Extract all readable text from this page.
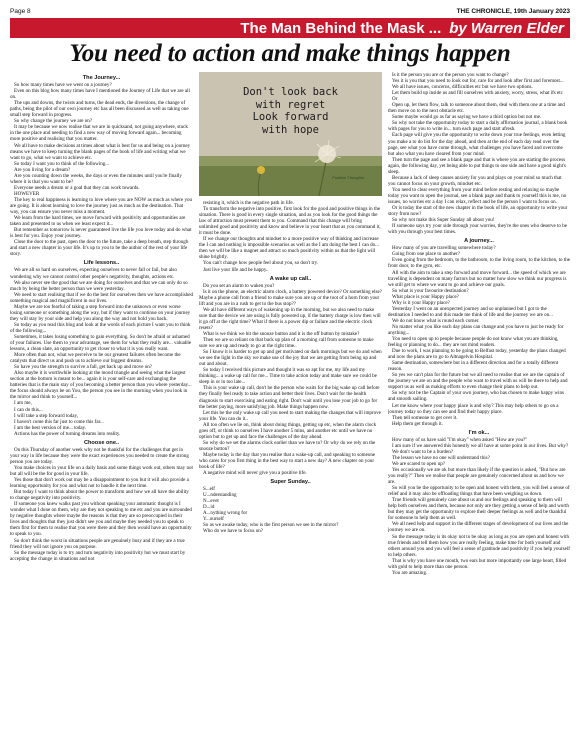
Page 8	THE CHRONICLE, 19th January 2023
The Man Behind the Mask ... by Warren Elder
You need to action and make things happen
The Journey...

So how many times have we went on a journey?

Even on this blog how many times have I mentioned the Journey of Life that we are all on.

The ups and downs, the twists and turns, the dead ends, the diversions, the change of paths, being the pilot of our own journey etc has all been discussed as well as taking one small step forward in progress.

So why change the journey we are on?

It may be because we now realise that we are in quicksand, not going anywhere, stuck in the one place and needing to find a new way of moving forward again... becoming more positive and realising that you matter.

We all have to make decisions at times about what is best for us and being on a journey means we have to keep turning the blank pages of the book of life and writing what we want to go, what we want to achieve etc.

So today I want you to think of the following...

Are you living for a dream?

Are you counting down the weeks, the days or even the minutes until you're finally where it is that you want to be?

Everyone needs a dream or a goal that they can work towards.

HOWEVER

The key to real happiness is learning to love where you are NOW as much as where you are going. It is about learning to love the journey just as much as the destination. That way, you can ensure you never miss a moment.

We learn from the hard times, we move forward with positivity and opportunities are taken and presented to us when we least expect it...

But remember as tomorrow is never guaranteed live the life you love today and do what is best for you. Enjoy your journey.

Close the door to the past, open the door to the future, take a deep breath, step through and start a new chapter in your life. It's up to you to be the author of the rest of your life story.

Life lessons..

We are all so hard on ourselves, expecting ourselves to never fall or fail, but also wondering why we cannot control other people's negativity, thoughts, actions etc.

We also never see the good that we are doing for ourselves and that we can only do so much by being the better person than we were yesterday.

We need to start realising that if we do the best for ourselves then we have accomplished something magical and magnificent in our lives.

Maybe we are too fearful of taking a step forward into the unknown or even worse losing someone or something along the way, but if they want to continue on your journey they will stay by your side and help you along the way and not hold you back.

So today as you read this blog and look at the words of each picture I want you to think of the following...

Sometimes, it takes losing something to gain everything. So don't be afraid or ashamed of your failures. Use them to your advantage, see them for what they really are... valuable lessons, a clean slate, an opportunity to get closer to what it is you really want.

More often than not, what we perceive to be our greatest failures often become the catalysts that direct us and push us to achieve our biggest dreams.

So have you the strength to survive a fall, get back up and move on?

Also maybe it is worthwhile looking at the mood triangle and seeing what the largest section at the bottom is meant to be... again it is your self-care and exchanging the batteries that is the main stay of you becoming a better person than you where yesterday... the focus should always be on You, the person you see in the morning when you look in the mirror and think to yourself...

I am me,

I can do this...

I will take a step forward today,

I haven't come this far just to come this far...

I am the best version of me... today.

Actions has the power of turning dreams into reality.

Choose one..

On this Thursday of another week why not be thankful for the challenges that get in your way in life because they were the exact experiences you needed to create the strong person you are today.

You make choices in your life on a daily basis and some things work out, others may not but all will be the for good in your life.

Yes those that don't work out may be a disappointment to you but it will also provide a learning opportunity for you and what not to handle it the next time.

But today I want to think about the power to transform and how we all have the ability to change negativity into positivity.

If someone you knew walks past you without speaking your automatic thought is I wonder what I done on them, why are they not speaking to me etc and you are surrounded by negative thoughts where maybe the reasons is that they are so preoccupied in their lives and thoughts that they just didn't see you and maybe they needed you to speak to them first for them to realise that you were there and they then would have an opportunity to speak to you.

So don't think the worst in situations people are genuinely busy and if they are a true friend they will not ignore you on purpose.

So the message today is to try and turn negativity into positivity but we must start by accepting the change in situations and not

Don't look back
with regret
Look forward
with hope
Positive Thoughts

resisting it, which is the negative path in life.

To transform the negative into positive, first look for the good and positive things in the situation. There is good in every single situation, and as you look for the good things the law of attraction must present them to you. Command that this change will bring unlimited good and positivity and know and believe in your heart that as you command it, it must be done.

If we change our thoughts and mindset to a more positive way of thinking and increase the I can and nothing is impossible scenarios as well as the I am doing the best I can do... then we will be like a magnet and attract so much positivity within us that the light will shine brightly.

You can't change how people feel about you, so don't try.

Just live your life and be happy..

A wake up call..

Do you set an alarm to waken you?

Is it on the phone, an electric alarm clock, a battery powered device? Or something else? Maybe a phone call from a friend to make sure you are up or the toot of a horn from your lift and you are in a rush to get to the bus stop??

We all have different ways of wakening up in the morning, but we also need to make sure that the device we are using is fully powered up, if the battery charge is low then will it go off at the right time? What if there is a power dip or failure and the electric clock resets?

What is we think we hit the snooze button and it is the off button by mistake?

Then we are so reliant on that back up plan of a morning call from someone to make sure we are up and ready to go at the right time..

So I know it is harder to get up and get motivated on dark mornings but we do and when we see the light in the sky we make use of the joy that we are getting from being up and out and about.

So today I received this picture and thought it was so apt for me, my life and my thinking... a wake up call for me... Time to take action today and make sure we could be sleep in or in too late...

This is your wake up call, don't be the person who waits for the big wake up call before they finally feel ready to take action and better their lives. Don't wait for the health diagnosis to start exercising and eating right. Don't wait until you lose your job to go for the better paying, more satisfying job. Make things happen now.

Let this be the only wake up call you need to start making the changes that will improve your life. You can do it..

All too often we lie on, think about doing things, getting up etc, when the alarm clock goes off, or think to ourselves I have another 5 mins, and another etc until we have no option but to get up and face the challenges of the day ahead.

So why do we set the alarms clock earlier than we have to? Or why do we rely on the snooze button?

Maybe today is the day that you realise that a wake-up call, and speaking to someone who cares for you first thing in the best way to start a new day? A new chapter on your book of life?

A negative mind will never give you a positive life.

Super Sunday..

S...elf

U...nderstanding

N...ever

D...id

A...nything wrong for

Y...ourself

So as we awake today, who is the first person we see in the mirror?

Who do we have to focus on?

Is it the person you are or the person you want to change?

Yes it is you that you need to look out for, care for and look after first and foremost...

We all have issues, concerns, difficulties etc but we have two options.

Let them build up inside us and fill ourselves with anxiety, worry, stress, what ifs etc

Or

Open up, let them flow, talk to someone about them, deal with them one at a time and then move on to the next obstacle etc.

Some maybe would go as far as saying we have a third option but not me.

So why not take the opportunity today to start a daily affirmation journal, a blank book with pages for you to write in... turn each page and start afresh.

Each page will give you the opportunity to write down your true feelings, even letting you make a to do list for the day ahead, and then at the end of each day read over the page, see what you have come through, what challenges you have faced and overcome but also what you have cleared from your mind.

Then turn the page and see a blank page and that is where you are starting the process again, the following day, yet being able to put things to one side and have a good night's sleep.

Because a lack of sleep causes anxiety for you and plays on your mind so much that you cannot focus on your growth, mindset etc.

You need to clear everything from your mind before resting and relaxing so maybe today you want to open the journal, see a blank page and thank to yourself this is me, no issues, no worries etc a day I can relax, reflect and be the person I want to focus on.

Or is today the start of the new chapter in the book of life, an opportunity to write your story from now?

So why not make this Super Sunday all about you!

If someone says try your side through your worries, they're the ones who deserve to be with you through your best times.

A journey...

How many of you are travelling somewhere today?

Going from one place to another?

Even going from the bedroom, to the bathroom, to the living room, to the kitchen, to the front door, to the gym, etc.

All with the aim to take a step forward and move forward... the speed of which we are travelling is dependent on many factors but no matter how slow we think our progress is we still get to where we want to go and achieve our goals.

So what is your favourite destination?

What place is your Happy place?

Why is it your Happy place?

Yesterday I went on an unexpected journey and so unplanned but I got to the destination I needed to and this made me think of life and the journey we are on...

We do not know what is round each corner.

No matter what you like each day plans can change and you have to just be ready for anything...

You need to open up to people because people do not know what you are thinking, feeling or planning to do... they are not mind readers.

Due to work, I was planning to be going to Belfast today, yesterday the plans changed and now the plans are to go to Altnagelvin Hospital.

Same destination, somewhere but in a different direction and for a totally different reason.

So yes we can't plan for the future but we all need to realise that we are the captain of the journey we are on and the people who want to travel with us will be there to help and support us as well as making efforts to even change their plans to help out.

So why not be the Captain of your own journey, who has chosen to make happy wins and smooth sailing.

Let me know where your happy place is and why? This may help others to go on a journey today so they can see and find their happy place.

Then tell someone to get over it.

Help them get through it.

I'm ok...

How many of us have said "I'm okay" when asked "How are you?"

I am sure if we answered this honestly we all have at some point in our lives. But why?

We don't want to be a burden?

The lesson we have no one will understand this?

We are scared to open up?

Yes occasionally we are ok but more than likely if the question is asked, "But how are you really?" Then we realise that people are genuinely concerned about us and how we are.

So will you be the opportunity to be open and honest with them, you will feel a sense of relief and it may also be offloading things that have been weighing us down.

True friends will genuinely care about us and our feelings and speaking to them will help both ourselves and them, because not only are they getting a sense of help and worth but they may get the opportunity to explore their deeper feelings as well and be thankful for someone to help them as well.

We all need help and support in the different stages of development of our lives and the journey we are on.

So the message today is its okay not to be okay as long as you are open and honest with true friends and tell them how you are really feeling, make time for both yourself and others around you and you will feel a sense of gratitude and positivity if you help yourself to help others.

That is why you have one mouth, two ears but more importantly one large heart, filled with gold to help more than one person.

You are amazing.
